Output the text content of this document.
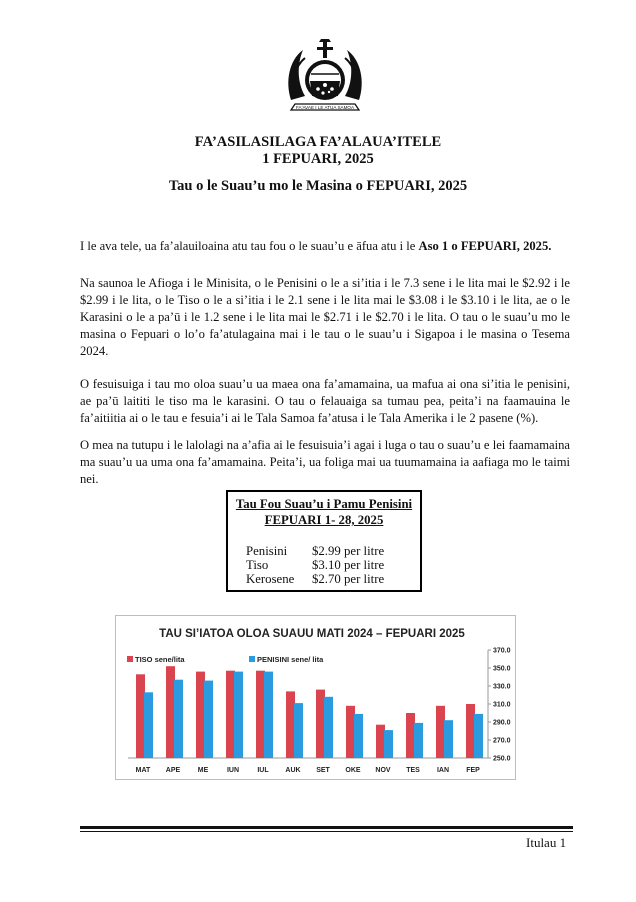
FA'AVAE I LE ATUA SAMOA
FA’ASILASILAGA FA’ALAUA’ITELE
1 FEPUARI, 2025
Tau o le Suau’u mo le Masina o FEPUARI, 2025
I le ava tele, ua fa’alauiloaina atu tau fou o le suau’u e āfua atu i le Aso 1 o FEPUARI, 2025.
Na saunoa le Afioga i le Minisita, o le Penisini o le a si’itia i le 7.3 sene i le lita mai le $2.92 i le $2.99 i le lita, o le Tiso o le a si’itia i le 2.1 sene i le lita mai le $3.08 i le $3.10 i le lita, ae o le Karasini o le a pa’ū i le 1.2 sene i le lita mai le $2.71 i le $2.70 i le lita. O tau o le suau’u mo le masina o Fepuari o lo’o fa’atulagaina mai i le tau o le suau’u i Sigapoa i le masina o Tesema 2024.
O fesuisuiga i tau mo oloa suau’u ua maea ona fa’amamaina, ua mafua ai ona si’itia le penisini, ae pa’ū laititi le tiso ma le karasini. O tau o felauaiga sa tumau pea, peita’i na faamauina le fa’aitiitia ai o le tau e fesuia’i ai le Tala Samoa fa’atusa i le Tala Amerika i le 2 pasene (%).
O mea na tutupu i le lalolagi na a’afia ai le fesuisuia’i agai i luga o tau o suau’u e lei faamamaina ma suau’u ua uma ona fa’amamaina. Peita’i, ua foliga mai ua tuumamaina ia aafiaga mo le taimi nei.
Tau Fou Suau’u i Pamu Penisini
FEPUARI 1- 28, 2025
Penisini $2.99 per litre
Tiso	$3.10 per litre
Kerosene $2.70 per litre
TAU SI’IATOA OLOA SUAUU MATI 2024 – FEPUARI 2025
TISO sene/lita	PENISINI sene/ lita
250.0
270.0
290.0
310.0
330.0
350.0
370.0
MAT APE	ME	IUN	IUL AUK SET OKE NOV TES IAN FEP
Itulau 1
